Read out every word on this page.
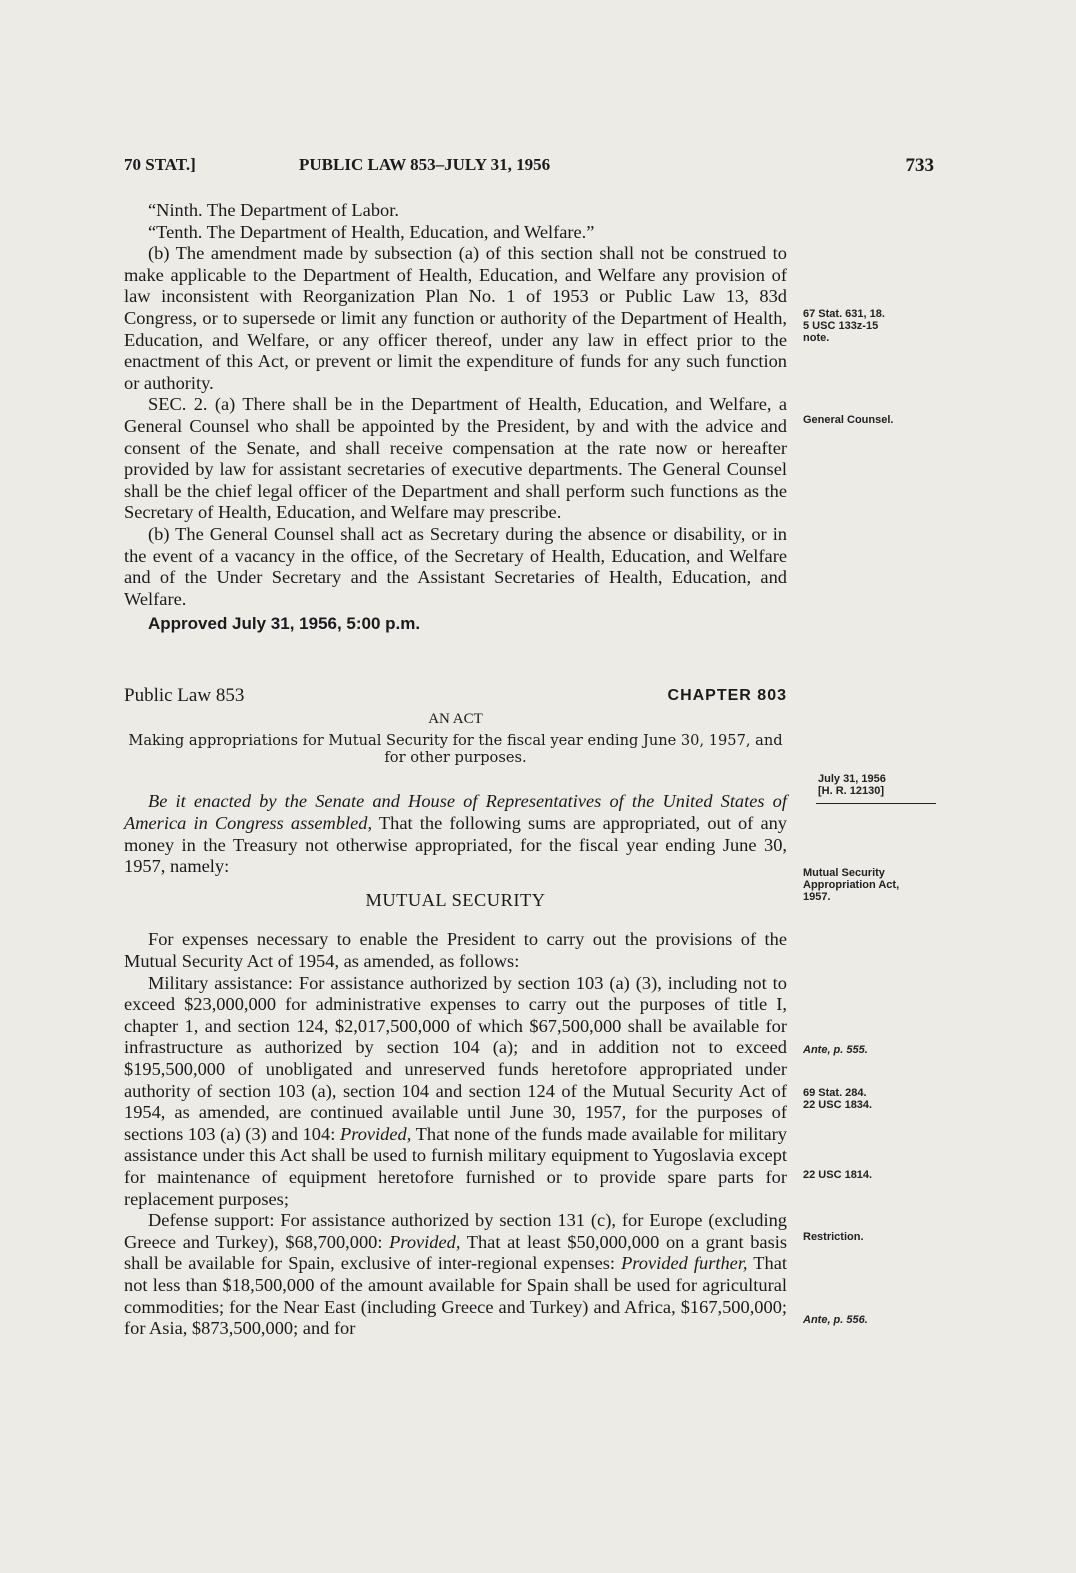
70 STAT.]	PUBLIC LAW 853–JULY 31, 1956	733

“Ninth. The Department of Labor.

“Tenth. The Department of Health, Education, and Welfare.”

(b) The amendment made by subsection (a) of this section shall not be construed to make applicable to the Department of Health, Education, and Welfare any provision of law inconsistent with Reorganization Plan No. 1 of 1953 or Public Law 13, 83d Congress, or to supersede or limit any function or authority of the Department of Health, Education, and Welfare, or any officer thereof, under any law in effect prior to the enactment of this Act, or prevent or limit the expenditure of funds for any such function or authority.

SEC. 2. (a) There shall be in the Department of Health, Education, and Welfare, a General Counsel who shall be appointed by the President, by and with the advice and consent of the Senate, and shall receive compensation at the rate now or hereafter provided by law for assistant secretaries of executive departments. The General Counsel shall be the chief legal officer of the Department and shall perform such functions as the Secretary of Health, Education, and Welfare may prescribe.

(b) The General Counsel shall act as Secretary during the absence or disability, or in the event of a vacancy in the office, of the Secretary of Health, Education, and Welfare and of the Under Secretary and the Assistant Secretaries of Health, Education, and Welfare.

Approved July 31, 1956, 5:00 p.m.

Public Law 853	CHAPTER 803

AN ACT

Making appropriations for Mutual Security for the fiscal year ending June 30, 1957, and for other purposes.

Be it enacted by the Senate and House of Representatives of the United States of America in Congress assembled, That the following sums are appropriated, out of any money in the Treasury not otherwise appropriated, for the fiscal year ending June 30, 1957, namely:

MUTUAL SECURITY

For expenses necessary to enable the President to carry out the provisions of the Mutual Security Act of 1954, as amended, as follows:

Military assistance: For assistance authorized by section 103 (a) (3), including not to exceed $23,000,000 for administrative expenses to carry out the purposes of title I, chapter 1, and section 124, $2,017,500,000 of which $67,500,000 shall be available for infrastructure as authorized by section 104 (a); and in addition not to exceed $195,500,000 of unobligated and unreserved funds heretofore appropriated under authority of section 103 (a), section 104 and section 124 of the Mutual Security Act of 1954, as amended, are continued available until June 30, 1957, for the purposes of sections 103 (a) (3) and 104: Provided, That none of the funds made available for military assistance under this Act shall be used to furnish military equipment to Yugoslavia except for maintenance of equipment heretofore furnished or to provide spare parts for replacement purposes;

Defense support: For assistance authorized by section 131 (c), for Europe (excluding Greece and Turkey), $68,700,000: Provided, That at least $50,000,000 on a grant basis shall be available for Spain, exclusive of inter-regional expenses: Provided further, That not less than $18,500,000 of the amount available for Spain shall be used for agricultural commodities; for the Near East (including Greece and Turkey) and Africa, $167,500,000; for Asia, $873,500,000; and for

67 Stat. 631, 18.
5 USC 133z-15
note.
General Counsel.
July 31, 1956
[H. R. 12130]
Mutual Security
Appropriation Act,
1957.
Ante, p. 555.
69 Stat. 284.
22 USC 1834.
22 USC 1814.
Restriction.
Ante, p. 556.
